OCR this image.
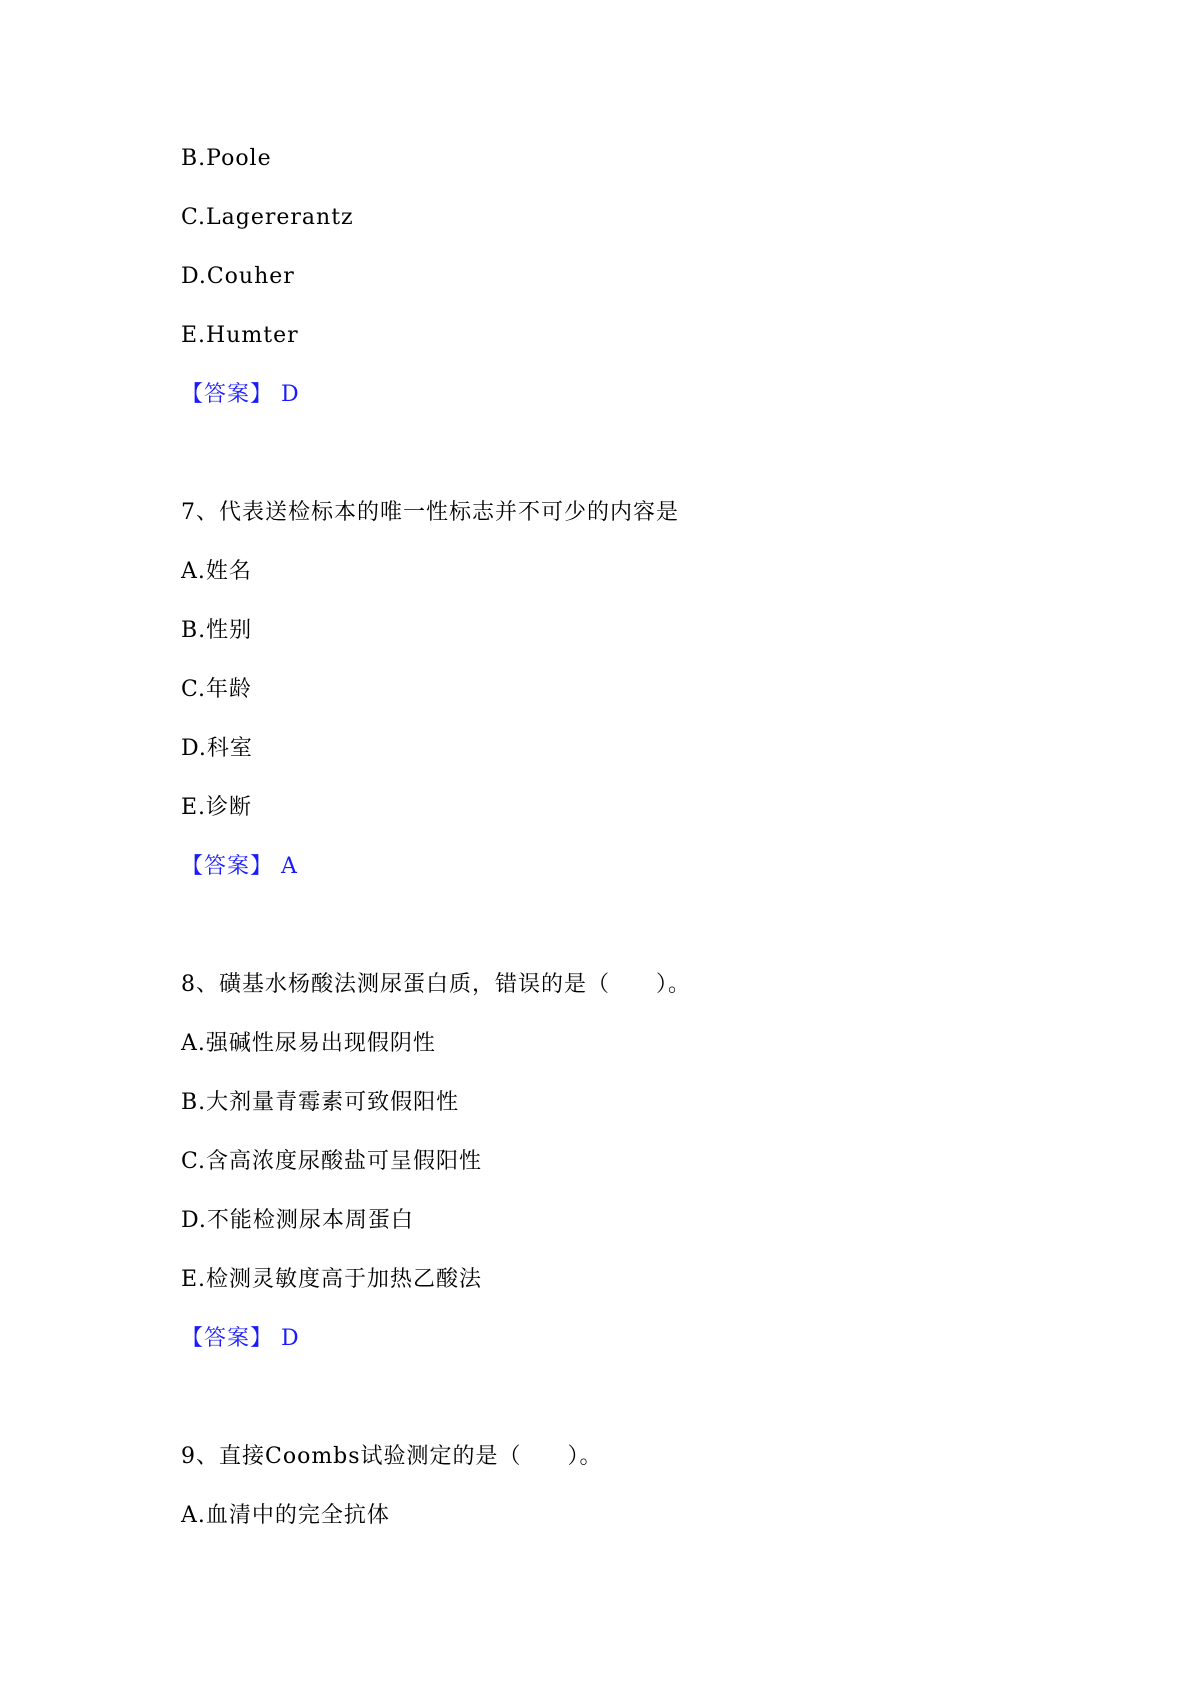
B.Poole
C.Lagererantz
D.Couher
E.Humter
【答案】 D
7、代表送检标本的唯一性标志并不可少的内容是
A.姓名
B.性别
C.年龄
D.科室
E.诊断
【答案】 A
8、磺基水杨酸法测尿蛋白质，错误的是（　　）。
A.强碱性尿易出现假阴性
B.大剂量青霉素可致假阳性
C.含高浓度尿酸盐可呈假阳性
D.不能检测尿本周蛋白
E.检测灵敏度高于加热乙酸法
【答案】 D
9、直接Coombs试验测定的是（　　）。
A.血清中的完全抗体
